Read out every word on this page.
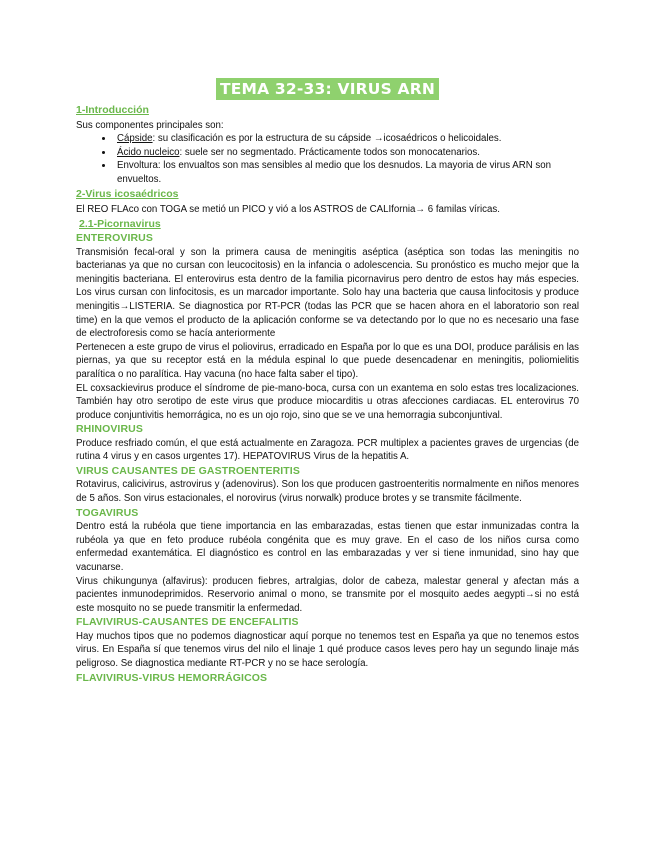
TEMA 32-33: VIRUS ARN
1-Introducción

Sus componentes principales son:

• Cápside: su clasificación es por la estructura de su cápside →icosaédricos o helicoidales.
• Ácido nucleico: suele ser no segmentado. Prácticamente todos son monocatenarios.
• Envoltura: los envualtos son mas sensibles al medio que los desnudos. La mayoria de virus ARN son envueltos.
2-Virus icosaédricos

El REO FLAco con TOGA se metió un PICO y vió a los ASTROS de CALIfornia→ 6 familas víricas.

2.1-Picornavirus
ENTEROVIRUS

Transmisión fecal-oral y son la primera causa de meningitis aséptica (aséptica son todas las meningitis no bacterianas ya que no cursan con leucocitosis) en la infancia o adolescencia. Su pronóstico es mucho mejor que la meningitis bacteriana. El enterovirus esta dentro de la familia picornavirus pero dentro de estos hay más especies. Los virus cursan con linfocitosis, es un marcador importante. Solo hay una bacteria que causa linfocitosis y produce meningitis→LISTERIA. Se diagnostica por RT-PCR (todas las PCR que se hacen ahora en el laboratorio son real time) en la que vemos el producto de la aplicación conforme se va detectando por lo que no es necesario una fase de electroforesis como se hacía anteriormente

Pertenecen a este grupo de virus el poliovirus, erradicado en España por lo que es una DOI, produce parálisis en las piernas, ya que su receptor está en la médula espinal lo que puede desencadenar en meningitis, poliomielitis paralítica o no paralítica. Hay vacuna (no hace falta saber el tipo).

EL coxsackievirus produce el síndrome de pie-mano-boca, cursa con un exantema en solo estas tres localizaciones. También hay otro serotipo de este virus que produce miocarditis u otras afecciones cardiacas. EL enterovirus 70 produce conjuntivitis hemorrágica, no es un ojo rojo, sino que se ve una hemorragia subconjuntival.

RHINOVIRUS

Produce resfriado común, el que está actualmente en Zaragoza. PCR multiplex a pacientes graves de urgencias (de rutina 4 virus y en casos urgentes 17). HEPATOVIRUS Virus de la hepatitis A.

VIRUS CAUSANTES DE GASTROENTERITIS

Rotavirus, calicivirus, astrovirus y (adenovirus). Son los que producen gastroenteritis normalmente en niños menores de 5 años. Son virus estacionales, el norovirus (virus norwalk) produce brotes y se transmite fácilmente.

TOGAVIRUS

Dentro está la rubéola que tiene importancia en las embarazadas, estas tienen que estar inmunizadas contra la rubéola ya que en feto produce rubéola congénita que es muy grave. En el caso de los niños cursa como enfermedad exantemática. El diagnóstico es control en las embarazadas y ver si tiene inmunidad, sino hay que vacunarse.

Virus chikungunya (alfavirus): producen fiebres, artralgias, dolor de cabeza, malestar general y afectan más a pacientes inmunodeprimidos. Reservorio animal o mono, se transmite por el mosquito aedes aegypti→si no está este mosquito no se puede transmitir la enfermedad.

FLAVIVIRUS-CAUSANTES DE ENCEFALITIS

Hay muchos tipos que no podemos diagnosticar aquí porque no tenemos test en España ya que no tenemos estos virus. En España sí que tenemos virus del nilo el linaje 1 qué produce casos leves pero hay un segundo linaje más peligroso. Se diagnostica mediante RT-PCR y no se hace serología.

FLAVIVIRUS-VIRUS HEMORRÁGICOS
